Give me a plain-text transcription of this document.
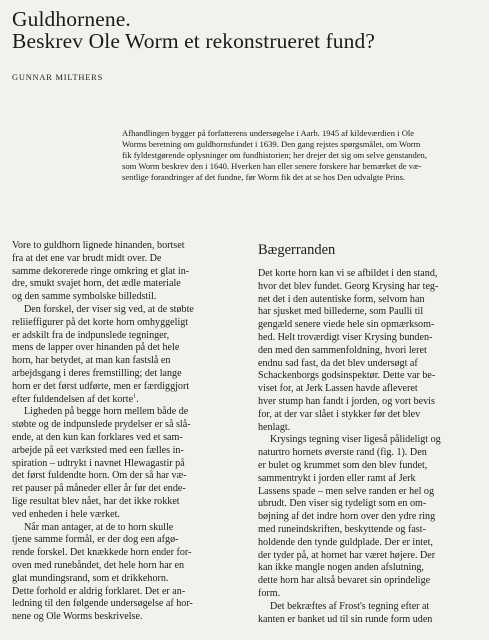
Guldhornene.
Beskrev Ole Worm et rekonstrueret fund?

GUNNAR MILTHERS

Afhandlingen bygger på forfatterens undersøgelse i Aarb. 1945 af kildeværdien i Ole
Worms beretning om guldhornsfundet i 1639. Den gang rejstes spørgsmålet, om Worm
fik fyldestgørende oplysninger om fundhistorien; her drejer det sig om selve genstanden,
som Worm beskrev den i 1640. Hverken han eller senere forskere har bemærket de væ-
sentlige forandringer af det fundne, før Worm fik det at se hos Den udvalgte Prins.

Vore to guldhorn lignede hinanden, bortset
fra at det ene var brudt midt over. De
samme dekorerede ringe omkring et glat in-
dre, smukt svajet horn, det ædle materiale
og den samme symbolske billedstil.

Den forskel, der viser sig ved, at de støbte
reliieffigurer på det korte horn omhyggeligt
er adskilt fra de indpunslede tegninger,
mens de lapper over hinanden på det hele
horn, har betydet, at man kan fastslå en
arbejdsgang i deres fremstilling; det lange
horn er det først udførte, men er færdiggjort
efter fuldendelsen af det korte$^1$.

Ligheden på begge horn mellem både de
støbte og de indpunslede prydelser er så slå-
ende, at den kun kan forklares ved et sam-
arbejde på eet værksted med een fælles in-
spiration – udtrykt i navnet Hlewagastir på
det først fuldendte horn. Om der så har væ-
ret pauser på måneder eller år før det ende-
lige resultat blev nået, har det ikke rokket
ved enheden i hele værket.

Når man antager, at de to horn skulle
tjene samme formål, er der dog een afgø-
rende forskel. Det knækkede horn ender for-
oven med runebåndet, det hele horn har en
glat mundingsrand, som et drikkehorn.
Dette forhold er aldrig forklaret. Det er an-
ledning til den følgende undersøgelse af hor-
nene og Ole Worms beskrivelse.

Bægerranden

Det korte horn kan vi se afbildet i den stand,
hvor det blev fundet. Georg Krysing har teg-
net det i den autentiske form, selvom han
har sjusket med billederne, som Paulli til
gengæld senere viede hele sin opmærksom-
hed. Helt troværdigt viser Krysing bunden-
den med den sammenfoldning, hvori leret
endnu sad fast, da det blev undersøgt af
Schackenborgs godsinspektør. Dette var be-
viset for, at Jerk Lassen havde afleveret
hver stump han fandt i jorden, og vort bevis
for, at der var slået i stykker før det blev
henlagt.

Krysings tegning viser ligeså pålideligt og
naturtro hornets øverste rand (fig. 1). Den
er bulet og krummet som den blev fundet,
sammentrykt i jorden eller ramt af Jerk
Lassens spade – men selve randen er hel og
ubrudt. Den viser sig tydeligt som en om-
bøjning af det indre horn over den ydre ring
med runeindskriften, beskyttende og fast-
holdende den tynde guldplade. Der er intet,
der tyder på, at hornet har været højere. Der
kan ikke mangle nogen anden afslutning,
dette horn har altså bevaret sin oprindelige
form.

Det bekræftes af Frost's tegning efter at
kanten er banket ud til sin runde form uden
